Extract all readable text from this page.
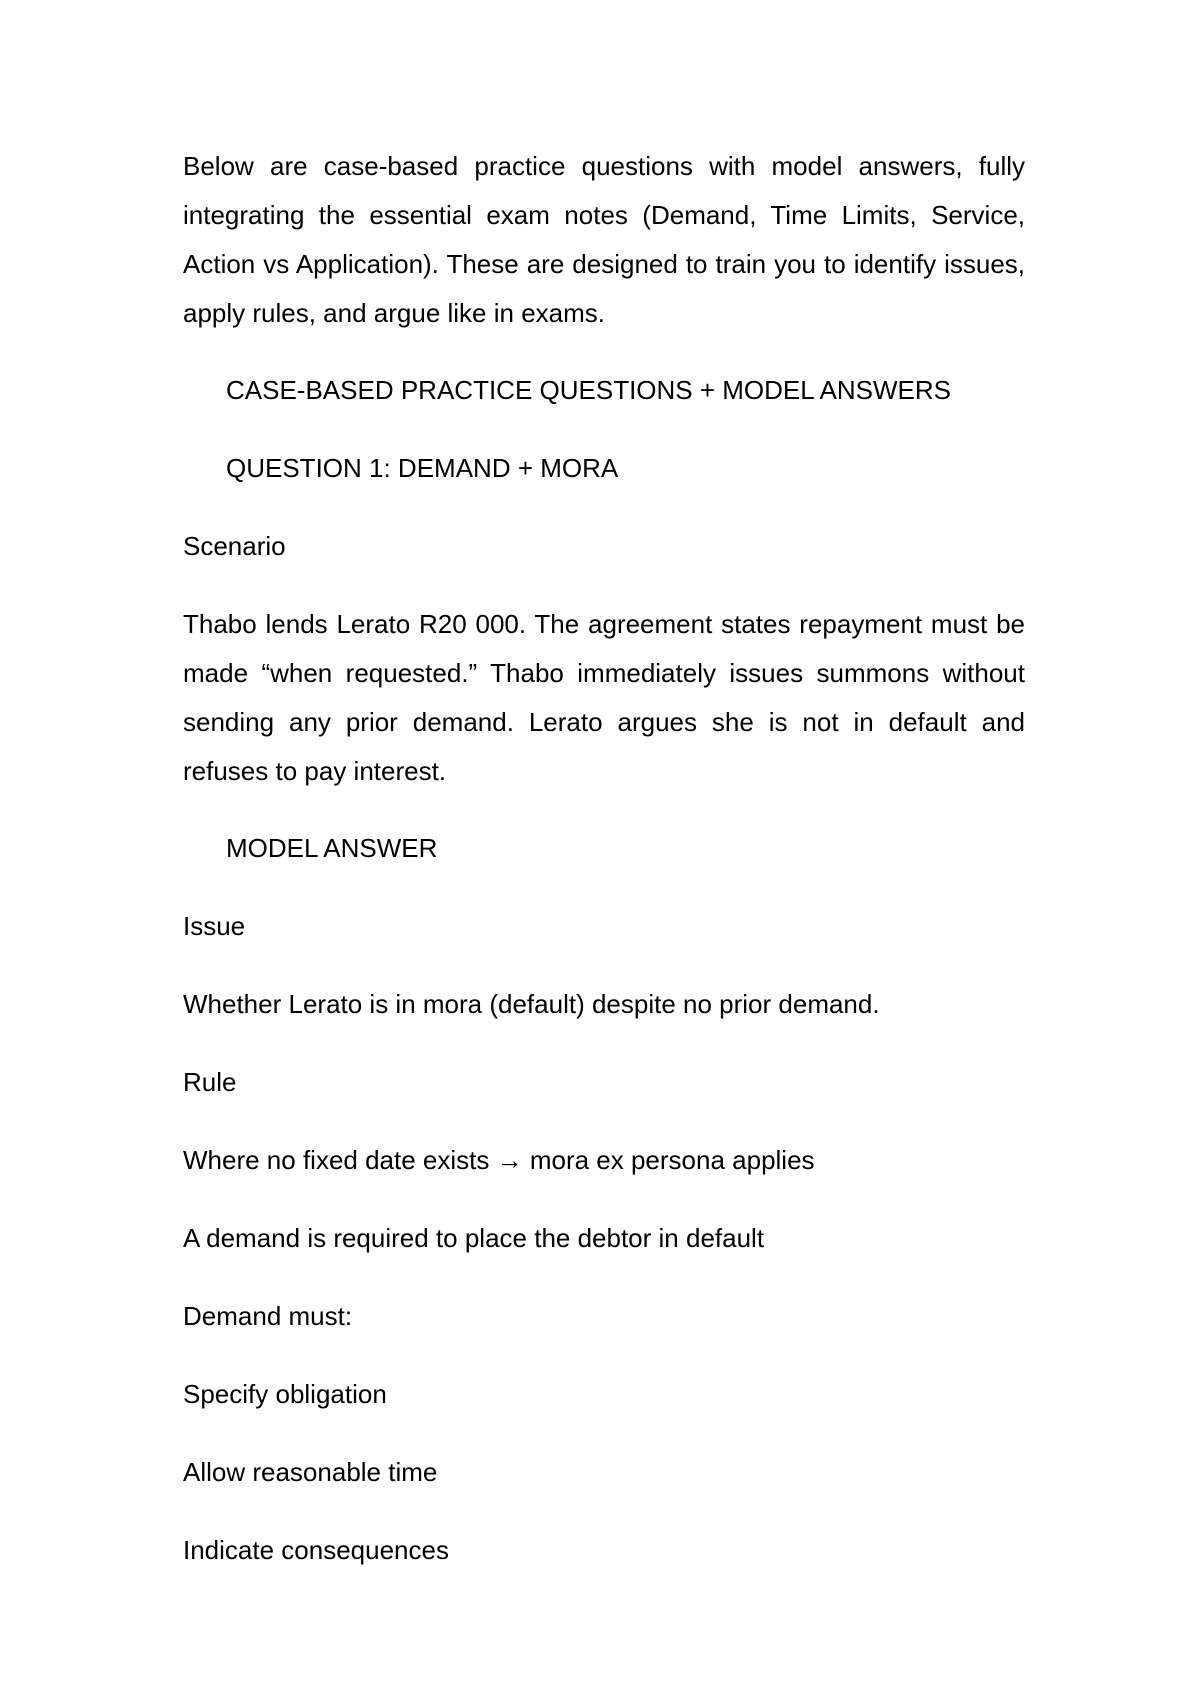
Below are case-based practice questions with model answers, fully integrating the essential exam notes (Demand, Time Limits, Service, Action vs Application). These are designed to train you to identify issues, apply rules, and argue like in exams.

CASE-BASED PRACTICE QUESTIONS + MODEL ANSWERS

QUESTION 1: DEMAND + MORA

Scenario

Thabo lends Lerato R20 000. The agreement states repayment must be made “when requested.” Thabo immediately issues summons without sending any prior demand. Lerato argues she is not in default and refuses to pay interest.

MODEL ANSWER

Issue

Whether Lerato is in mora (default) despite no prior demand.

Rule

Where no fixed date exists → mora ex persona applies

A demand is required to place the debtor in default

Demand must:

Specify obligation

Allow reasonable time

Indicate consequences
